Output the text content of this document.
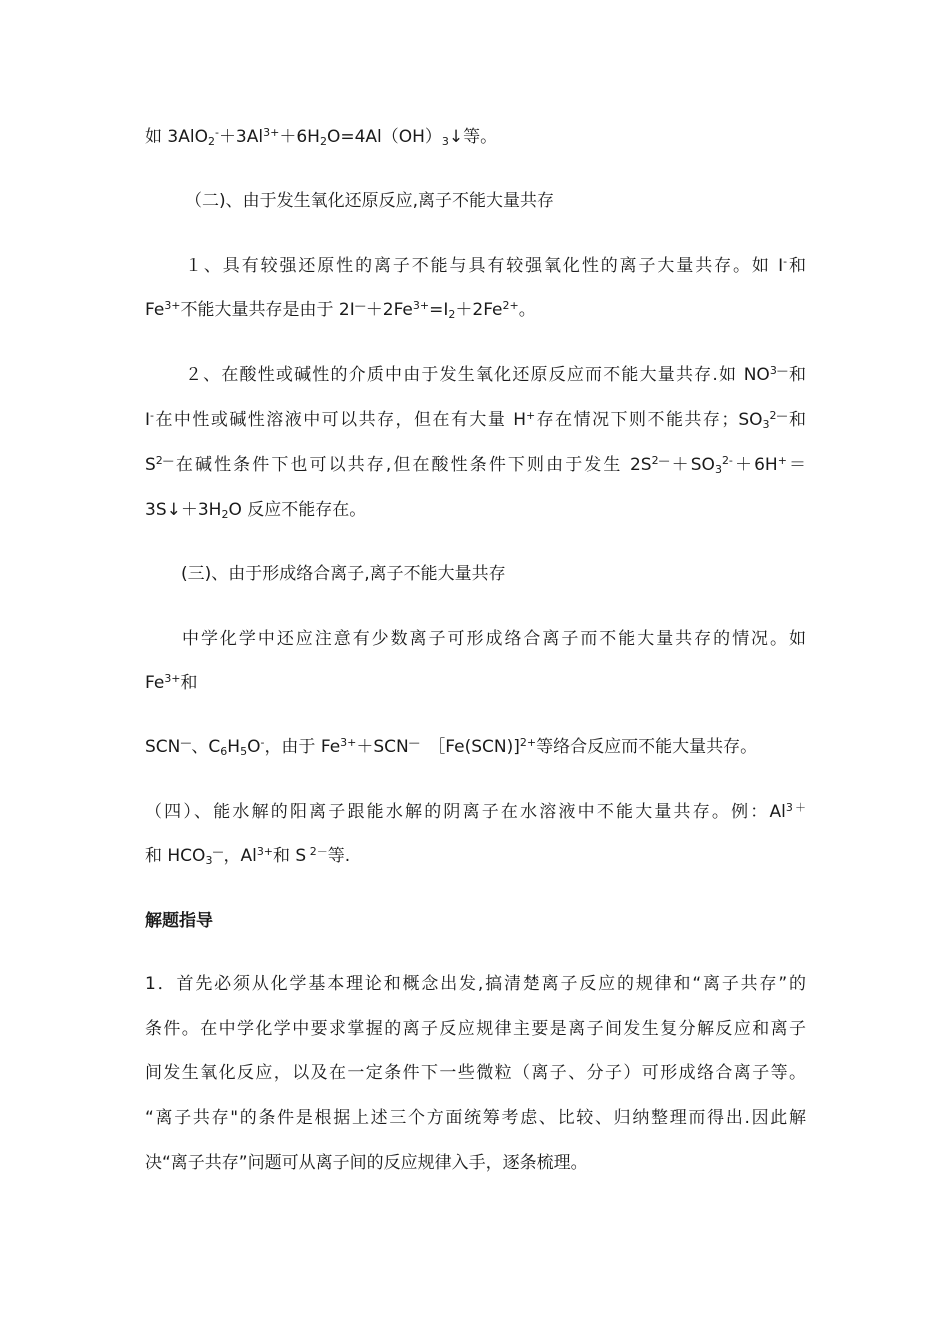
如 $3AlO_2^-+3Al^{3+}+6H_2O=4Al(OH)_3↓$等。
（二)、由于发生氧化还原反应,离子不能大量共存
１、具有较强还原性的离子不能与具有较强氧化性的离子大量共存。如 I-和
$Fe^{3+}$不能大量共存是由于 $2I^—+2Fe^{3+}=I_2+2Fe^{2+}$。
２、在酸性或碱性的介质中由于发生氧化还原反应而不能大量共存.如 $NO^{3—}$和
I-在中性或碱性溶液中可以共存，但在有大量 H+存在情况下则不能共存；$SO_3^{2—}$和
$S^{2—}$在碱性条件下也可以共存,但在酸性条件下则由于发生 $2S^{2—}+SO_3^{2-}+6H^+=$
$3S↓+3H_2O$ 反应不能存在。
(三)、由于形成络合离子,离子不能大量共存
中学化学中还应注意有少数离子可形成络合离子而不能大量共存的情况。如
$Fe^{3+}$和
SCN—、$C_6H_5O^-$，由于 $Fe^{3+}+SCN^—$　［Fe(SCN)]$^{2+}$等络合反应而不能大量共存。
（四）、能水解的阳离子跟能水解的阴离子在水溶液中不能大量共存。例：$Al^{3+}$
和 $HCO_3^—$，$Al^{3+}$和 S $^{2-}$等.
解题指导
1．首先必须从化学基本理论和概念出发,搞清楚离子反应的规律和“离子共存”的
条件。在中学化学中要求掌握的离子反应规律主要是离子间发生复分解反应和离子
间发生氧化反应，以及在一定条件下一些微粒（离子、分子）可形成络合离子等。
“离子共存"的条件是根据上述三个方面统筹考虑、比较、归纳整理而得出.因此解
决“离子共存”问题可从离子间的反应规律入手，逐条梳理。
